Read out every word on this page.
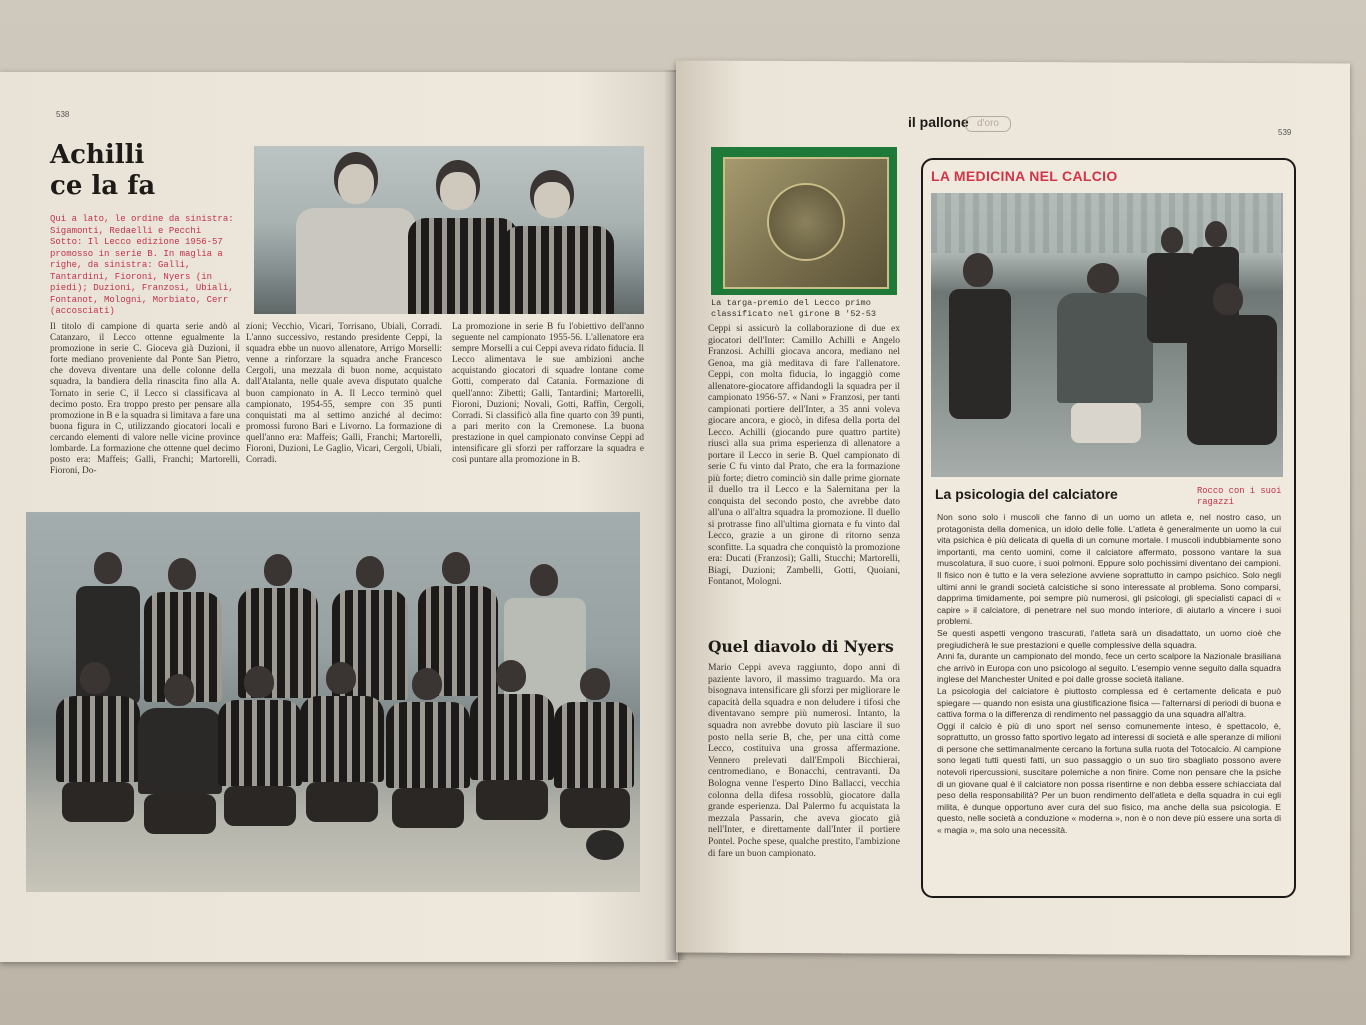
538
Achilli
ce la fa
Qui a lato, le ordine da sinistra: Sigamonti, Redaelli e Pecchi
Sotto: Il Lecco edizione 1956-57 promosso in serie B. In maglia a righe, da sinistra: Galli, Tantardini, Fioroni, Nyers (in piedi); Duzioni, Franzosi, Ubiali, Fontanot, Mologni, Morbiato, Cerr (accosciati)
Il titolo di campione di quarta serie andò al Catanzaro, il Lecco ottenne egualmente la promozione in serie C. Gioceva già Duzioni, il forte mediano proveniente dal Ponte San Pietro, che doveva diventare una delle colonne della squadra, la bandiera della rinascita fino alla A. Tornato in serie C, il Lecco si classificava al decimo posto. Era troppo presto per pensare alla promozione in B e la squadra si limitava a fare una buona figura in C, utilizzando giocatori locali e cercando elementi di valore nelle vicine province lombarde. La formazione che ottenne quel decimo posto era: Maffeis; Galli, Franchi; Martorelli, Fioroni, Do-
zioni; Vecchio, Vicari, Torrisano, Ubiali, Corradi. L'anno successivo, restando presidente Ceppi, la squadra ebbe un nuovo allenatore, Arrigo Morselli: venne a rinforzare la squadra anche Francesco Cergoli, una mezzala di buon nome, acquistato dall'Atalanta, nelle quale aveva disputato qualche buon campionato in A. Il Lecco terminò quel campionato, 1954-55, sempre con 35 punti conquistati ma al settimo anziché al decimo: promossi furono Bari e Livorno. La formazione di quell'anno era: Maffeis; Galli, Franchi; Martorelli, Fioroni, Duzioni, Le Gaglio, Vicari, Cergoli, Ubiali, Corradi.
La promozione in serie B fu l'obiettivo dell'anno seguente nel campionato 1955-56. L'allenatore era sempre Morselli a cui Ceppi aveva ridato fiducia. Il Lecco alimentava le sue ambizioni anche acquistando giocatori di squadre lontane come Gotti, comperato dal Catania. Formazione di quell'anno: Zibetti; Galli, Tantardini; Martorelli, Fioroni, Duzioni; Novali, Gotti, Raffin, Cergoli, Corradi. Si classificò alla fine quarto con 39 punti, a pari merito con la Cremonese. La buona prestazione in quel campionato convinse Ceppi ad intensificare gli sforzi per rafforzare la squadra e così puntare alla promozione in B.
il pallone d'oro
539
La targa-premio del Lecco primo classificato nel girone B '52-53
Ceppi si assicurò la collaborazione di due ex giocatori dell'Inter: Camillo Achilli e Angelo Franzosi. Achilli giocava ancora, mediano nel Genoa, ma già meditava di fare l'allenatore. Ceppi, con molta fiducia, lo ingaggiò come allenatore-giocatore affidandogli la squadra per il campionato 1956-57. « Nani » Franzosi, per tanti campionati portiere dell'Inter, a 35 anni voleva giocare ancora, e giocò, in difesa della porta del Lecco. Achilli (giocando pure quattro partite) riuscì alla sua prima esperienza di allenatore a portare il Lecco in serie B. Quel campionato di serie C fu vinto dal Prato, che era la formazione più forte; dietro cominciò sin dalle prime giornate il duello tra il Lecco e la Salernitana per la conquista del secondo posto, che avrebbe dato all'una o all'altra squadra la promozione. Il duello si protrasse fino all'ultima giornata e fu vinto dal Lecco, grazie a un girone di ritorno senza sconfitte. La squadra che conquistò la promozione era: Ducati (Franzosi); Galli, Stucchi; Martorelli, Biagi, Duzioni; Zambelli, Gotti, Quoiani, Fontanot, Mologni.
Quel diavolo di Nyers
Mario Ceppi aveva raggiunto, dopo anni di paziente lavoro, il massimo traguardo. Ma ora bisognava intensificare gli sforzi per migliorare le capacità della squadra e non deludere i tifosi che diventavano sempre più numerosi. Intanto, la squadra non avrebbe dovuto più lasciare il suo posto nella serie B, che, per una città come Lecco, costituiva una grossa affermazione. Vennero prelevati dall'Empoli Bicchierai, centromediano, e Bonacchi, centravanti. Da Bologna venne l'esperto Dino Ballacci, vecchia colonna della difesa rossoblù, giocatore dalla grande esperienza. Dal Palermo fu acquistata la mezzala Passarin, che aveva giocato già nell'Inter, e direttamente dall'Inter il portiere Pontel. Poche spese, qualche prestito, l'ambizione di fare un buon campionato.
LA MEDICINA NEL CALCIO
La psicologia del calciatore	Rocco con i suoi ragazzi

Non sono solo i muscoli che fanno di un uomo un atleta e, nel nostro caso, un protagonista della domenica, un idolo delle folle. L'atleta è generalmente un uomo la cui vita psichica è più delicata di quella di un comune mortale. I muscoli indubbiamente sono importanti, ma cento uomini, come il calciatore affermato, possono vantare la sua muscolatura, il suo cuore, i suoi polmoni. Eppure solo pochissimi diventano dei campioni. Il fisico non è tutto e la vera selezione avviene soprattutto in campo psichico. Solo negli ultimi anni le grandi società calcistiche si sono interessate al problema. Sono comparsi, dapprima timidamente, poi sempre più numerosi, gli psicologi, gli specialisti capaci di « capire » il calciatore, di penetrare nel suo mondo interiore, di aiutarlo a vincere i suoi problemi.

Se questi aspetti vengono trascurati, l'atleta sarà un disadattato, un uomo cioè che pregiudicherà le sue prestazioni e quelle complessive della squadra.

Anni fa, durante un campionato del mondo, fece un certo scalpore la Nazionale brasiliana che arrivò in Europa con uno psicologo al seguito. L'esempio venne seguito dalla squadra inglese del Manchester United e poi dalle grosse società italiane.

La psicologia del calciatore è piuttosto complessa ed è certamente delicata e può spiegare — quando non esista una giustificazione fisica — l'alternarsi di periodi di buona e cattiva forma o la differenza di rendimento nel passaggio da una squadra all'altra.

Oggi il calcio è più di uno sport nel senso comunemente inteso, è spettacolo, è, soprattutto, un grosso fatto sportivo legato ad interessi di società e alle speranze di milioni di persone che settimanalmente cercano la fortuna sulla ruota del Totocalcio. Al campione sono legati tutti questi fatti, un suo passaggio o un suo tiro sbagliato possono avere notevoli ripercussioni, suscitare polemiche a non finire. Come non pensare che la psiche di un giovane qual è il calciatore non possa risentirne e non debba essere schiacciata dal peso della responsabilità? Per un buon rendimento dell'atleta e della squadra in cui egli milita, è dunque opportuno aver cura del suo fisico, ma anche della sua psicologia. E questo, nelle società a conduzione « moderna », non è o non deve più essere una sorta di « magia », ma solo una necessità.
